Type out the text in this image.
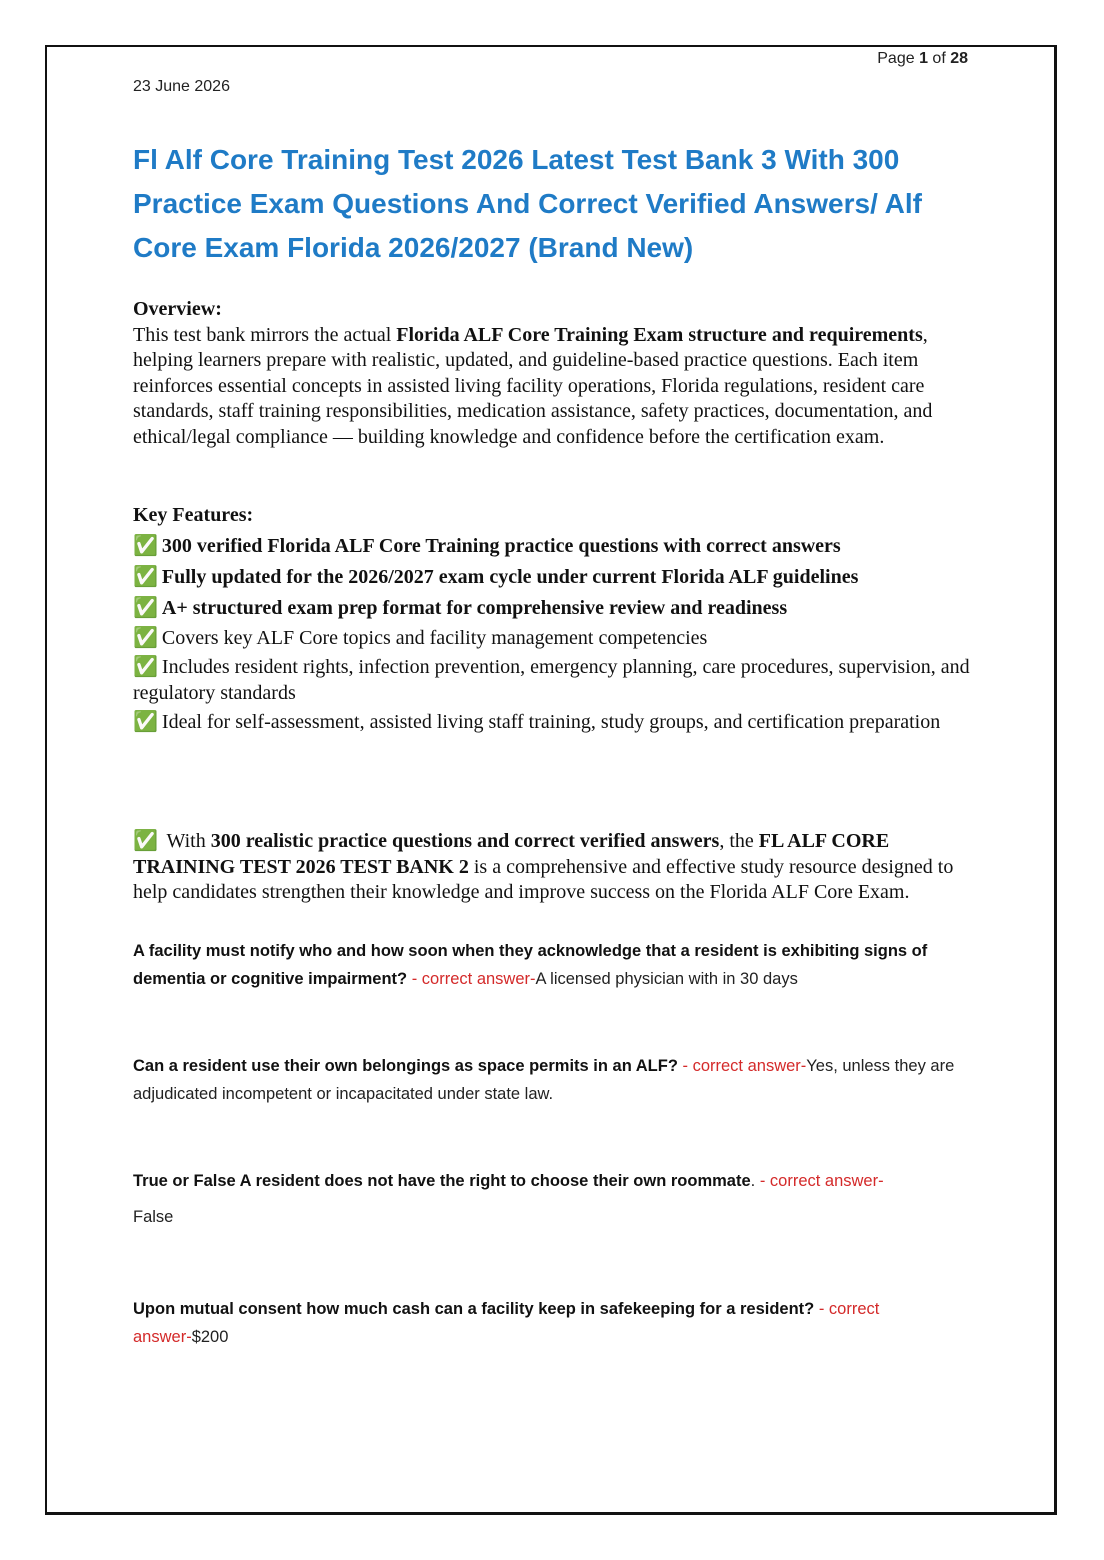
Page 1 of 28
23 June 2026
Fl Alf Core Training Test 2026 Latest Test Bank 3 With 300 Practice Exam Questions And Correct Verified Answers/ Alf Core Exam Florida 2026/2027 (Brand New)
Overview:
This test bank mirrors the actual Florida ALF Core Training Exam structure and requirements, helping learners prepare with realistic, updated, and guideline-based practice questions. Each item reinforces essential concepts in assisted living facility operations, Florida regulations, resident care standards, staff training responsibilities, medication assistance, safety practices, documentation, and ethical/legal compliance — building knowledge and confidence before the certification exam.
Key Features:
✅ 300 verified Florida ALF Core Training practice questions with correct answers
✅ Fully updated for the 2026/2027 exam cycle under current Florida ALF guidelines
✅ A+ structured exam prep format for comprehensive review and readiness
✅ Covers key ALF Core topics and facility management competencies
✅ Includes resident rights, infection prevention, emergency planning, care procedures, supervision, and regulatory standards
✅ Ideal for self-assessment, assisted living staff training, study groups, and certification preparation
✅ With 300 realistic practice questions and correct verified answers, the FL ALF CORE TRAINING TEST 2026 TEST BANK 2 is a comprehensive and effective study resource designed to help candidates strengthen their knowledge and improve success on the Florida ALF Core Exam.
A facility must notify who and how soon when they acknowledge that a resident is exhibiting signs of dementia or cognitive impairment? - correct answer-A licensed physician with in 30 days
Can a resident use their own belongings as space permits in an ALF? - correct answer-Yes, unless they are adjudicated incompetent or incapacitated under state law.
True or False A resident does not have the right to choose their own roommate. - correct answer-
False
Upon mutual consent how much cash can a facility keep in safekeeping for a resident? - correct answer-$200
